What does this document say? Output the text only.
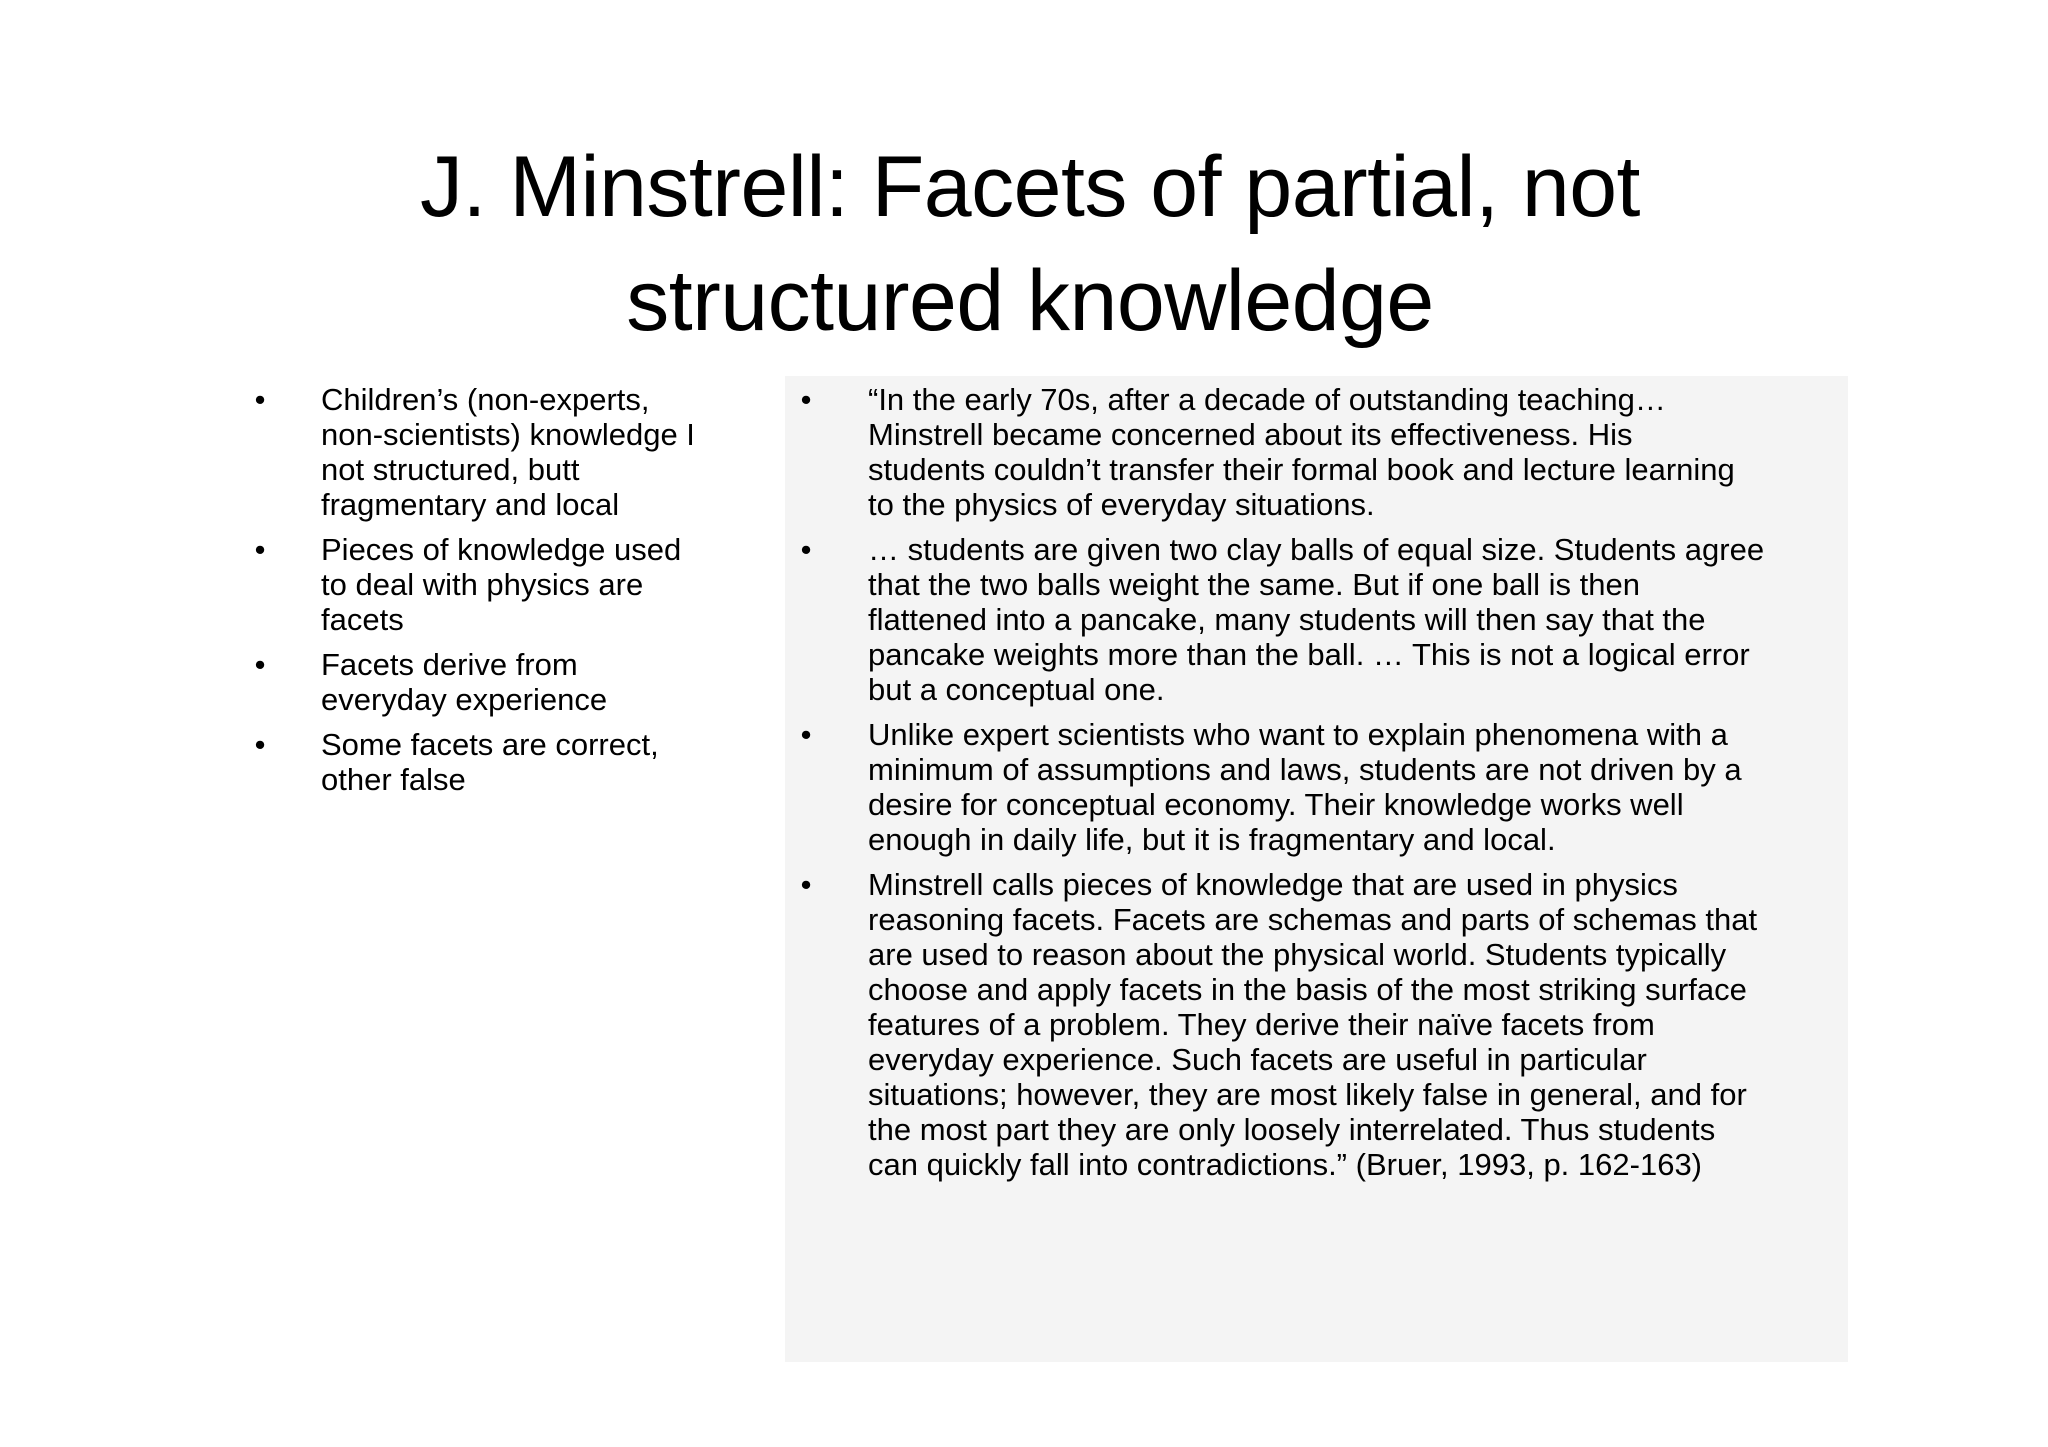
J. Minstrell: Facets of partial, not
structured knowledge
• Children’s (non-experts,
non-scientists) knowledge I
not structured, butt
fragmentary and local
• Pieces of knowledge used
to deal with physics are
facets
• Facets derive from
everyday experience
• Some facets are correct,
other false
• “In the early 70s, after a decade of outstanding teaching…
Minstrell became concerned about its effectiveness. His
students couldn’t transfer their formal book and lecture learning
to the physics of everyday situations.
• … students are given two clay balls of equal size. Students agree
that the two balls weight the same. But if one ball is then
flattened into a pancake, many students will then say that the
pancake weights more than the ball. … This is not a logical error
but a conceptual one.
• Unlike expert scientists who want to explain phenomena with a
minimum of assumptions and laws, students are not driven by a
desire for conceptual economy. Their knowledge works well
enough in daily life, but it is fragmentary and local.
• Minstrell calls pieces of knowledge that are used in physics
reasoning facets. Facets are schemas and parts of schemas that
are used to reason about the physical world. Students typically
choose and apply facets in the basis of the most striking surface
features of a problem. They derive their naïve facets from
everyday experience. Such facets are useful in particular
situations; however, they are most likely false in general, and for
the most part they are only loosely interrelated. Thus students
can quickly fall into contradictions.” (Bruer, 1993, p. 162-163)
